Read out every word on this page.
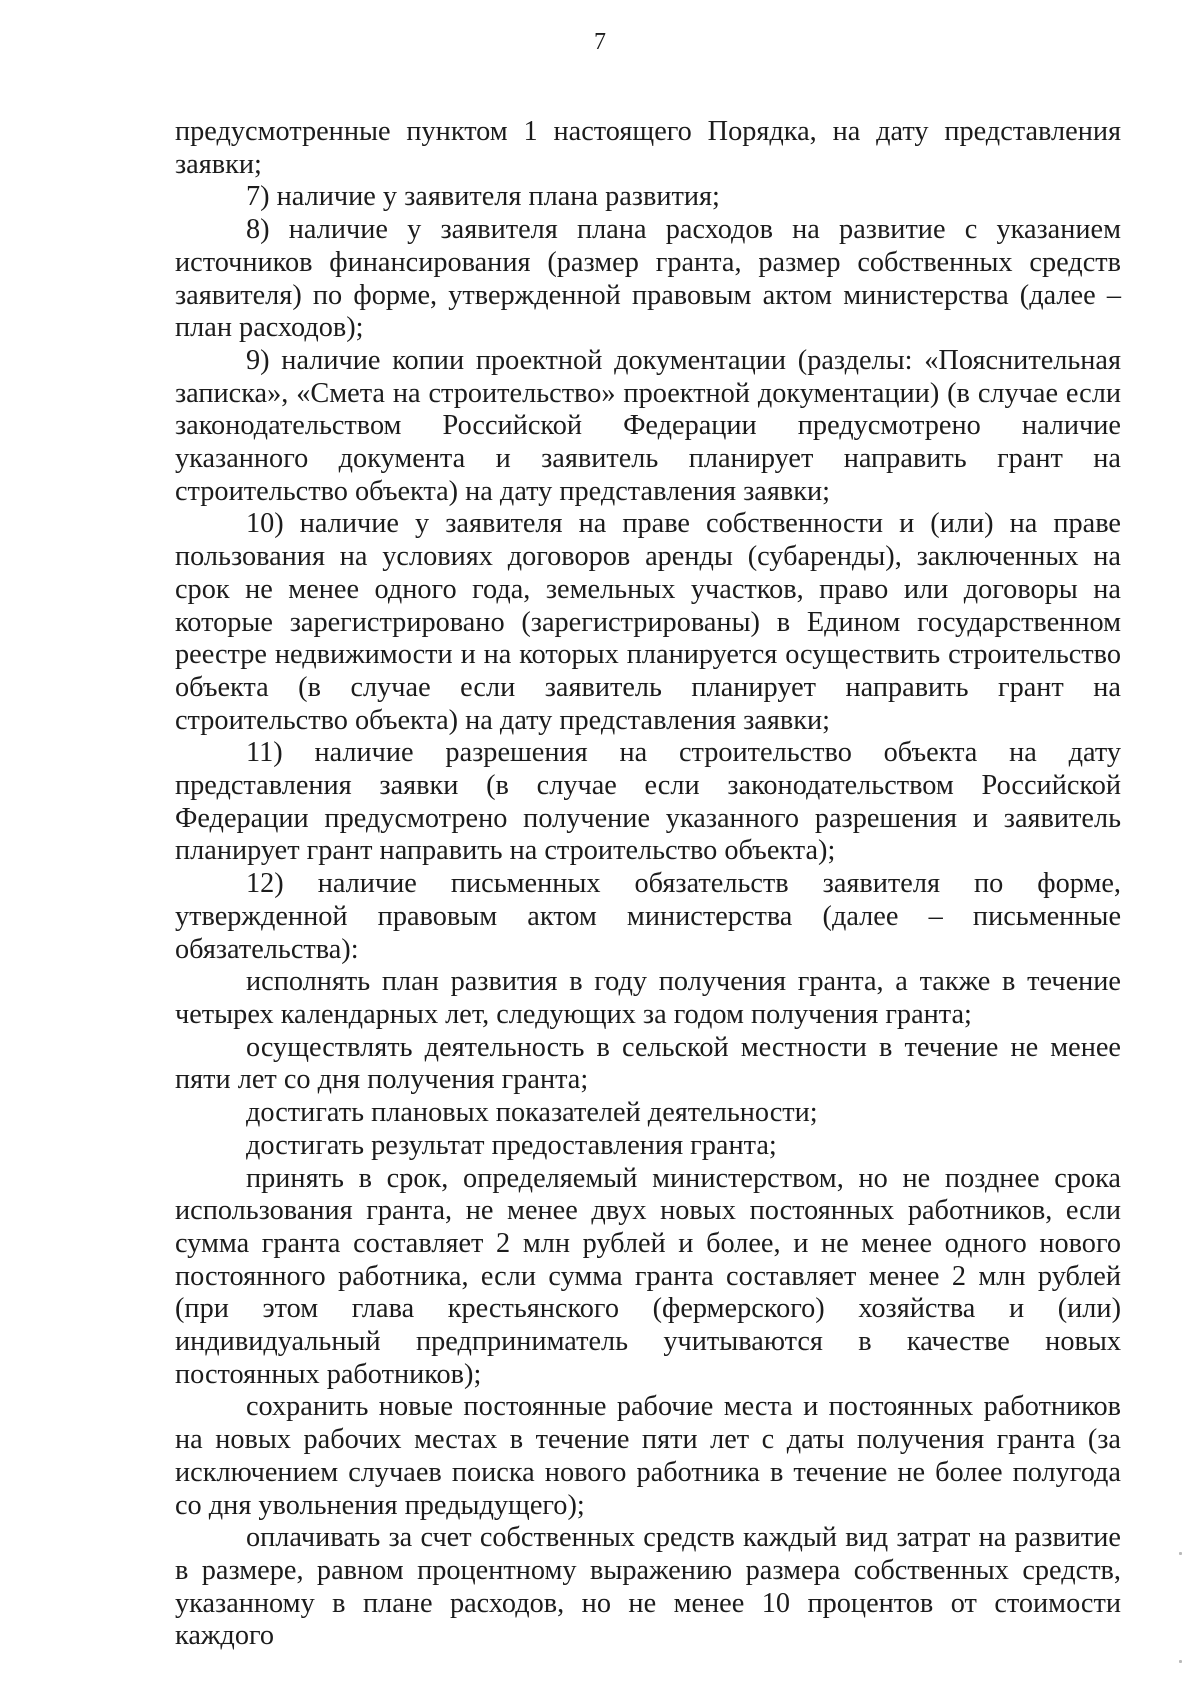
7

предусмотренные пунктом 1 настоящего Порядка, на дату представления заявки;

7) наличие у заявителя плана развития;

8) наличие у заявителя плана расходов на развитие с указанием источников финансирования (размер гранта, размер собственных средств заявителя) по форме, утвержденной правовым актом министерства (далее – план расходов);

9) наличие копии проектной документации (разделы: «Пояснительная записка», «Смета на строительство» проектной документации) (в случае если законодательством Российской Федерации предусмотрено наличие указанного документа и заявитель планирует направить грант на строительство объекта) на дату представления заявки;

10) наличие у заявителя на праве собственности и (или) на праве пользования на условиях договоров аренды (субаренды), заключенных на срок не менее одного года, земельных участков, право или договоры на которые зарегистрировано (зарегистрированы) в Едином государственном реестре недвижимости и на которых планируется осуществить строительство объекта (в случае если заявитель планирует направить грант на строительство объекта) на дату представления заявки;

11) наличие разрешения на строительство объекта на дату представления заявки (в случае если законодательством Российской Федерации предусмотрено получение указанного разрешения и заявитель планирует грант направить на строительство объекта);

12) наличие письменных обязательств заявителя по форме, утвержденной правовым актом министерства (далее – письменные обязательства):

исполнять план развития в году получения гранта, а также в течение четырех календарных лет, следующих за годом получения гранта;

осуществлять деятельность в сельской местности в течение не менее пяти лет со дня получения гранта;

достигать плановых показателей деятельности;

достигать результат предоставления гранта;

принять в срок, определяемый министерством, но не позднее срока использования гранта, не менее двух новых постоянных работников, если сумма гранта составляет 2 млн рублей и более, и не менее одного нового постоянного работника, если сумма гранта составляет менее 2 млн рублей (при этом глава крестьянского (фермерского) хозяйства и (или) индивидуальный предприниматель учитываются в качестве новых постоянных работников);

сохранить новые постоянные рабочие места и постоянных работников на новых рабочих местах в течение пяти лет с даты получения гранта (за исключением случаев поиска нового работника в течение не более полугода со дня увольнения предыдущего);

оплачивать за счет собственных средств каждый вид затрат на развитие в размере, равном процентному выражению размера собственных средств, указанному в плане расходов, но не менее 10 процентов от стоимости каждого
